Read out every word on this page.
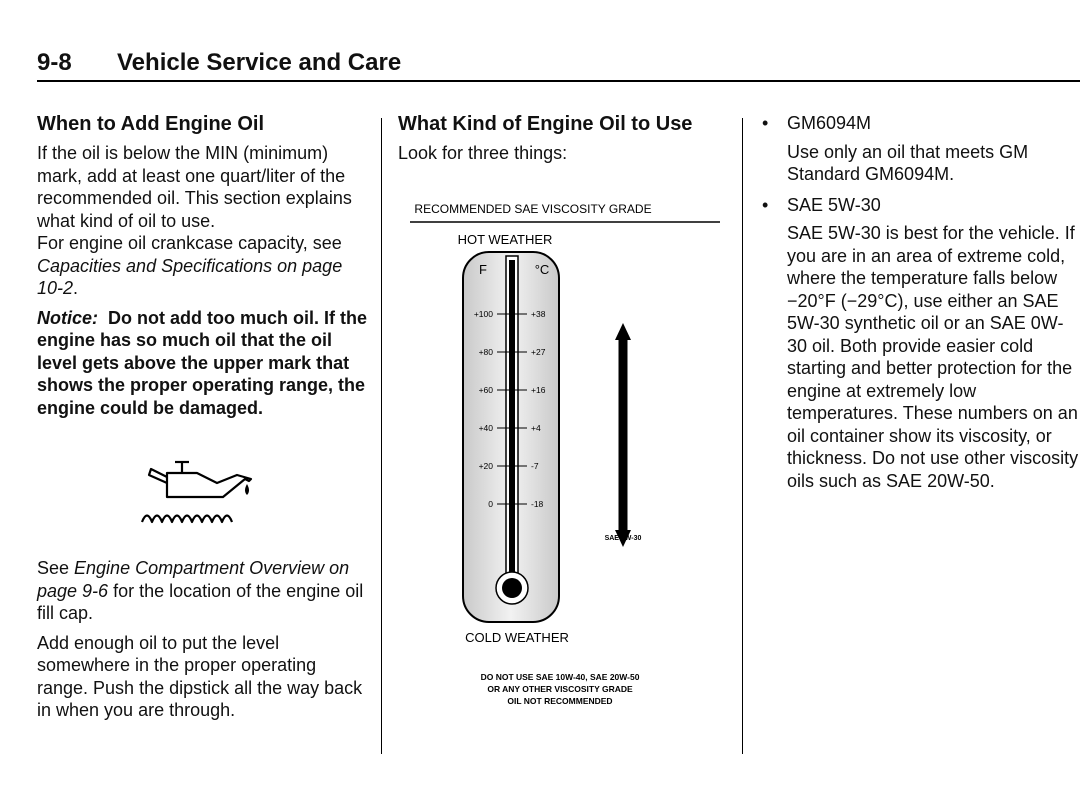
9-8 Vehicle Service and Care
When to Add Engine Oil

If the oil is below the MIN (minimum) mark, add at least one quart/liter of the recommended oil. This section explains what kind of oil to use.

For engine oil crankcase capacity, see Capacities and Specifications on page 10-2.

Notice: Do not add too much oil. If the engine has so much oil that the oil level gets above the upper mark that shows the proper operating range, the engine could be damaged.

See Engine Compartment Overview on page 9-6 for the location of the engine oil fill cap.

Add enough oil to put the level somewhere in the proper operating range. Push the dipstick all the way back in when you are through.

What Kind of Engine Oil to Use

Look for three things:

RECOMMENDED SAE VISCOSITY GRADE
HOT WEATHER
F	°C
+100	+38
+80	+27
+60	+16
+40	+4
+20	-7
0	-18
SAE 5W-30
COLD WEATHER
DO NOT USE SAE 10W-40, SAE 20W-50
OR ANY OTHER VISCOSITY GRADE
OIL NOT RECOMMENDED
• GM6094M

Use only an oil that meets GM Standard GM6094M.

• SAE 5W-30

SAE 5W-30 is best for the vehicle. If you are in an area of extreme cold, where the temperature falls below −20°F (−29°C), use either an SAE 5W-30 synthetic oil or an SAE 0W-30 oil. Both provide easier cold starting and better protection for the engine at extremely low temperatures. These numbers on an oil container show its viscosity, or thickness. Do not use other viscosity oils such as SAE 20W-50.
